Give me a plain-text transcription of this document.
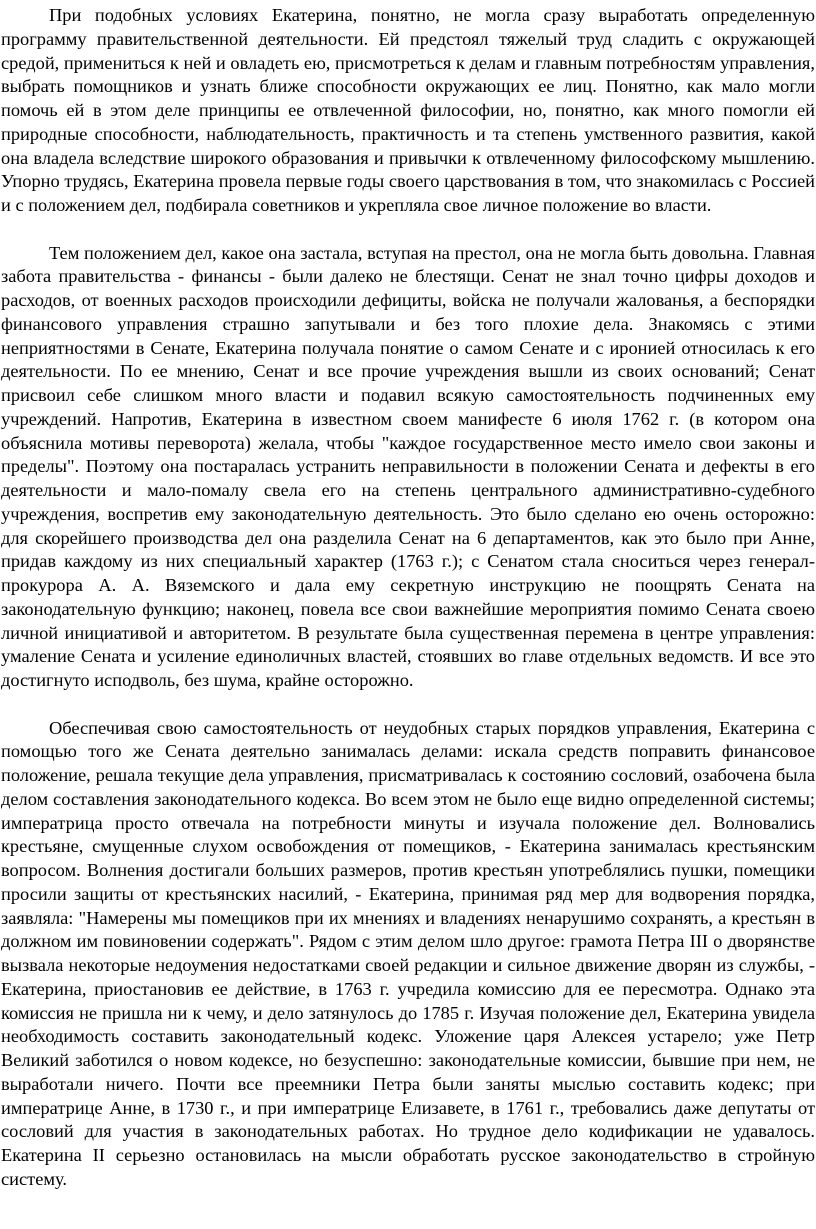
При подобных условиях Екатерина, понятно, не могла сразу выработать определенную программу правительственной деятельности. Ей предстоял тяжелый труд сладить с окружающей средой, примениться к ней и овладеть ею, присмотреться к делам и главным потребностям управления, выбрать помощников и узнать ближе способности окружающих ее лиц. Понятно, как мало могли помочь ей в этом деле принципы ее отвлеченной философии, но, понятно, как много помогли ей природные способности, наблюдательность, практичность и та степень умственного развития, какой она владела вследствие широкого образования и привычки к отвлеченному философскому мышлению. Упорно трудясь, Екатерина провела первые годы своего царствования в том, что знакомилась с Россией и с положением дел, подбирала советников и укрепляла свое личное положение во власти.

Тем положением дел, какое она застала, вступая на престол, она не могла быть довольна. Главная забота правительства - финансы - были далеко не блестящи. Сенат не знал точно цифры доходов и расходов, от военных расходов происходили дефициты, войска не получали жалованья, а беспорядки финансового управления страшно запутывали и без того плохие дела. Знакомясь с этими неприятностями в Сенате, Екатерина получала понятие о самом Сенате и с иронией относилась к его деятельности. По ее мнению, Сенат и все прочие учреждения вышли из своих оснований; Сенат присвоил себе слишком много власти и подавил всякую самостоятельность подчиненных ему учреждений. Напротив, Екатерина в известном своем манифесте 6 июля 1762 г. (в котором она объяснила мотивы переворота) желала, чтобы "каждое государственное место имело свои законы и пределы". Поэтому она постаралась устранить неправильности в положении Сената и дефекты в его деятельности и мало-помалу свела его на степень центрального административно-судебного учреждения, воспретив ему законодательную деятельность. Это было сделано ею очень осторожно: для скорейшего производства дел она разделила Сенат на 6 департаментов, как это было при Анне, придав каждому из них специальный характер (1763 г.); с Сенатом стала сноситься через генерал-прокурора А. А. Вяземского и дала ему секретную инструкцию не поощрять Сената на законодательную функцию; наконец, повела все свои важнейшие мероприятия помимо Сената своею личной инициативой и авторитетом. В результате была существенная перемена в центре управления: умаление Сената и усиление единоличных властей, стоявших во главе отдельных ведомств. И все это достигнуто исподволь, без шума, крайне осторожно.

Обеспечивая свою самостоятельность от неудобных старых порядков управления, Екатерина с помощью того же Сената деятельно занималась делами: искала средств поправить финансовое положение, решала текущие дела управления, присматривалась к состоянию сословий, озабочена была делом составления законодательного кодекса. Во всем этом не было еще видно определенной системы; императрица просто отвечала на потребности минуты и изучала положение дел. Волновались крестьяне, смущенные слухом освобождения от помещиков, - Екатерина занималась крестьянским вопросом. Волнения достигали больших размеров, против крестьян употреблялись пушки, помещики просили защиты от крестьянских насилий, - Екатерина, принимая ряд мер для водворения порядка, заявляла: "Намерены мы помещиков при их мнениях и владениях ненарушимо сохранять, а крестьян в должном им повиновении содержать". Рядом с этим делом шло другое: грамота Петра III о дворянстве вызвала некоторые недоумения недостатками своей редакции и сильное движение дворян из службы, - Екатерина, приостановив ее действие, в 1763 г. учредила комиссию для ее пересмотра. Однако эта комиссия не пришла ни к чему, и дело затянулось до 1785 г. Изучая положение дел, Екатерина увидела необходимость составить законодательный кодекс. Уложение царя Алексея устарело; уже Петр Великий заботился о новом кодексе, но безуспешно: законодательные комиссии, бывшие при нем, не выработали ничего. Почти все преемники Петра были заняты мыслью составить кодекс; при императрице Анне, в 1730 г., и при императрице Елизавете, в 1761 г., требовались даже депутаты от сословий для участия в законодательных работах. Но трудное дело кодификации не удавалось. Екатерина II серьезно остановилась на мысли обработать русское законодательство в стройную систему.
